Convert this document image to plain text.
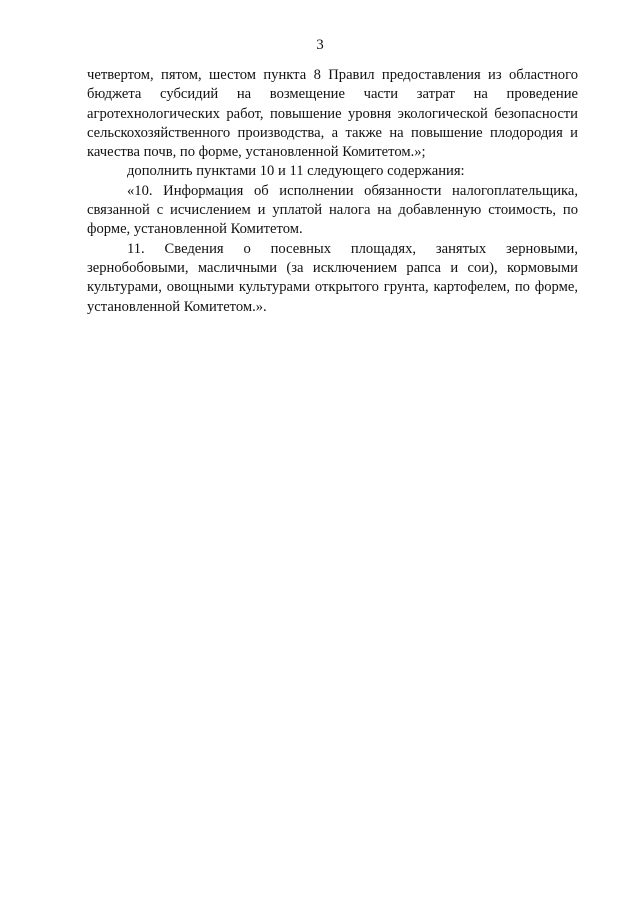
3

четвертом, пятом, шестом пункта 8 Правил предоставления из областного бюджета субсидий на возмещение части затрат на проведение агротехнологических работ, повышение уровня экологической безопасности сельскохозяйственного производства, а также на повышение плодородия и качества почв, по форме, установленной Комитетом.»;

дополнить пунктами 10 и 11 следующего содержания:

«10. Информация об исполнении обязанности налогоплательщика, связанной с исчислением и уплатой налога на добавленную стоимость, по форме, установленной Комитетом.

11. Сведения о посевных площадях, занятых зерновыми, зернобобовыми, масличными (за исключением рапса и сои), кормовыми культурами, овощными культурами открытого грунта, картофелем, по форме, установленной Комитетом.».
